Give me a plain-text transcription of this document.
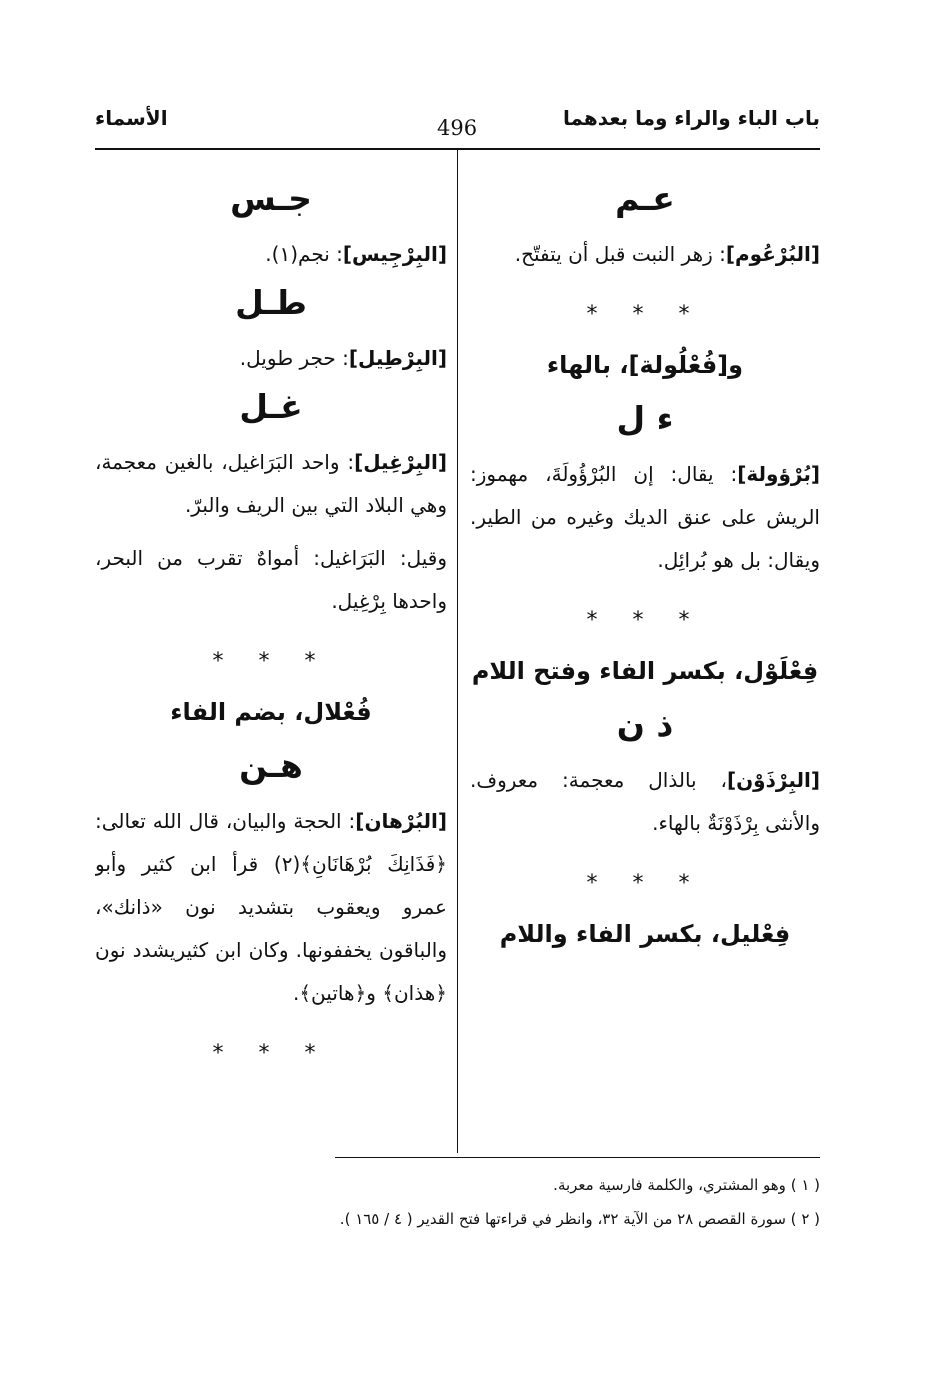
باب الباء والراء وما بعدهما
496
الأسماء
عـم

[البُرْعُوم]: زهر النبت قبل أن يتفتّح.

* * *
و[فُعْلُولة]، بالهاء
ء ل

[بُرْؤولة]: يقال: إن البُرْؤُولَةَ، مهموز: الريش على عنق الديك وغيره من الطير. ويقال: بل هو بُرائِل.

* * *
فِعْلَوْل، بكسر الفاء وفتح اللام
ذ ن

[البِرْذَوْن]، بالذال معجمة: معروف. والأنثى بِرْذَوْنَةٌ بالهاء.

* * *
فِعْليل، بكسر الفاء واللام
جـس

[البِرْجِيس]: نجم(١).

طـل

[البِرْطِيل]: حجر طويل.

غـل

[البِرْغِيل]: واحد البَرَاغيل، بالغين معجمة، وهي البلاد التي بين الريف والبرّ.

وقيل: البَرَاغيل: أمواهٌ تقرب من البحر، واحدها بِرْغِيل.

* * *
فُعْلال، بضم الفاء
هـن

[البُرْهان]: الحجة والبيان، قال الله تعالى: ﴿فَذَانِكَ بُرْهَانَانِ﴾(٢) قرأ ابن كثير وأبو عمرو ويعقوب بتشديد نون «ذانك»، والباقون يخففونها. وكان ابن كثيريشدد نون ﴿هذان﴾ و﴿هاتين﴾.

* * *
( ١ ) وهو المشتري، والكلمة فارسية معربة.
( ٢ ) سورة القصص ٢٨ من الآية ٣٢، وانظر في قراءتها فتح القدير ( ٤ / ١٦٥ ).
